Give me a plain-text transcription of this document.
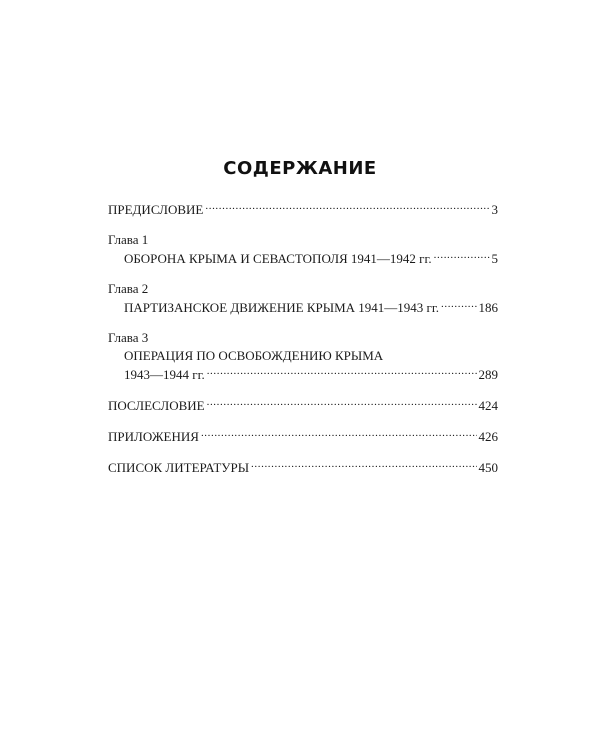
СОДЕРЖАНИЕ
ПРЕДИСЛОВИЕ .....	3
Глава 1
ОБОРОНА КРЫМА И СЕВАСТОПОЛЯ 1941—1942 гг. .....	5
Глава 2
ПАРТИЗАНСКОЕ ДВИЖЕНИЕ КРЫМА 1941—1943 гг. .....	186
Глава 3
ОПЕРАЦИЯ ПО ОСВОБОЖДЕНИЮ КРЫМА
1943—1944 гг. .....	289
ПОСЛЕСЛОВИЕ .....	424
ПРИЛОЖЕНИЯ .....	426
СПИСОК ЛИТЕРАТУРЫ .....	450
